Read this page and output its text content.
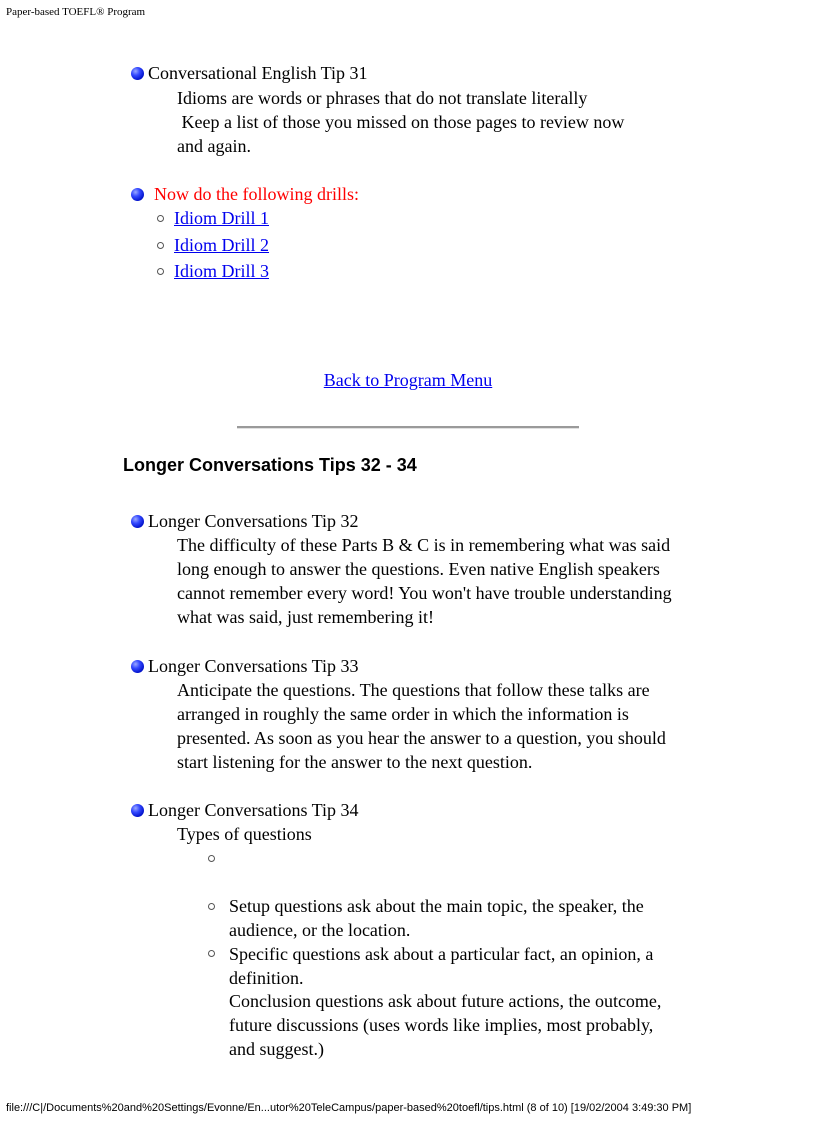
Paper-based TOEFL® Program
Conversational English Tip 31
Idioms are words or phrases that do not translate literally
Keep a list of those you missed on those pages to review now
and again.
Now do the following drills:
Idiom Drill 1
Idiom Drill 2
Idiom Drill 3
Back to Program Menu
Longer Conversations Tips 32 - 34
Longer Conversations Tip 32
The difficulty of these Parts B & C is in remembering what was said
long enough to answer the questions. Even native English speakers
cannot remember every word! You won't have trouble understanding
what was said, just remembering it!
Longer Conversations Tip 33
Anticipate the questions. The questions that follow these talks are
arranged in roughly the same order in which the information is
presented. As soon as you hear the answer to a question, you should
start listening for the answer to the next question.
Longer Conversations Tip 34
Types of questions

Setup questions ask about the main topic, the speaker, the
audience, or the location.

Specific questions ask about a particular fact, an opinion, a
definition.

Conclusion questions ask about future actions, the outcome,
future discussions (uses words like implies, most probably,
and suggest.)

file:///C|/Documents%20and%20Settings/Evonne/En...utor%20TeleCampus/paper-based%20toefl/tips.html (8 of 10) [19/02/2004 3:49:30 PM]
